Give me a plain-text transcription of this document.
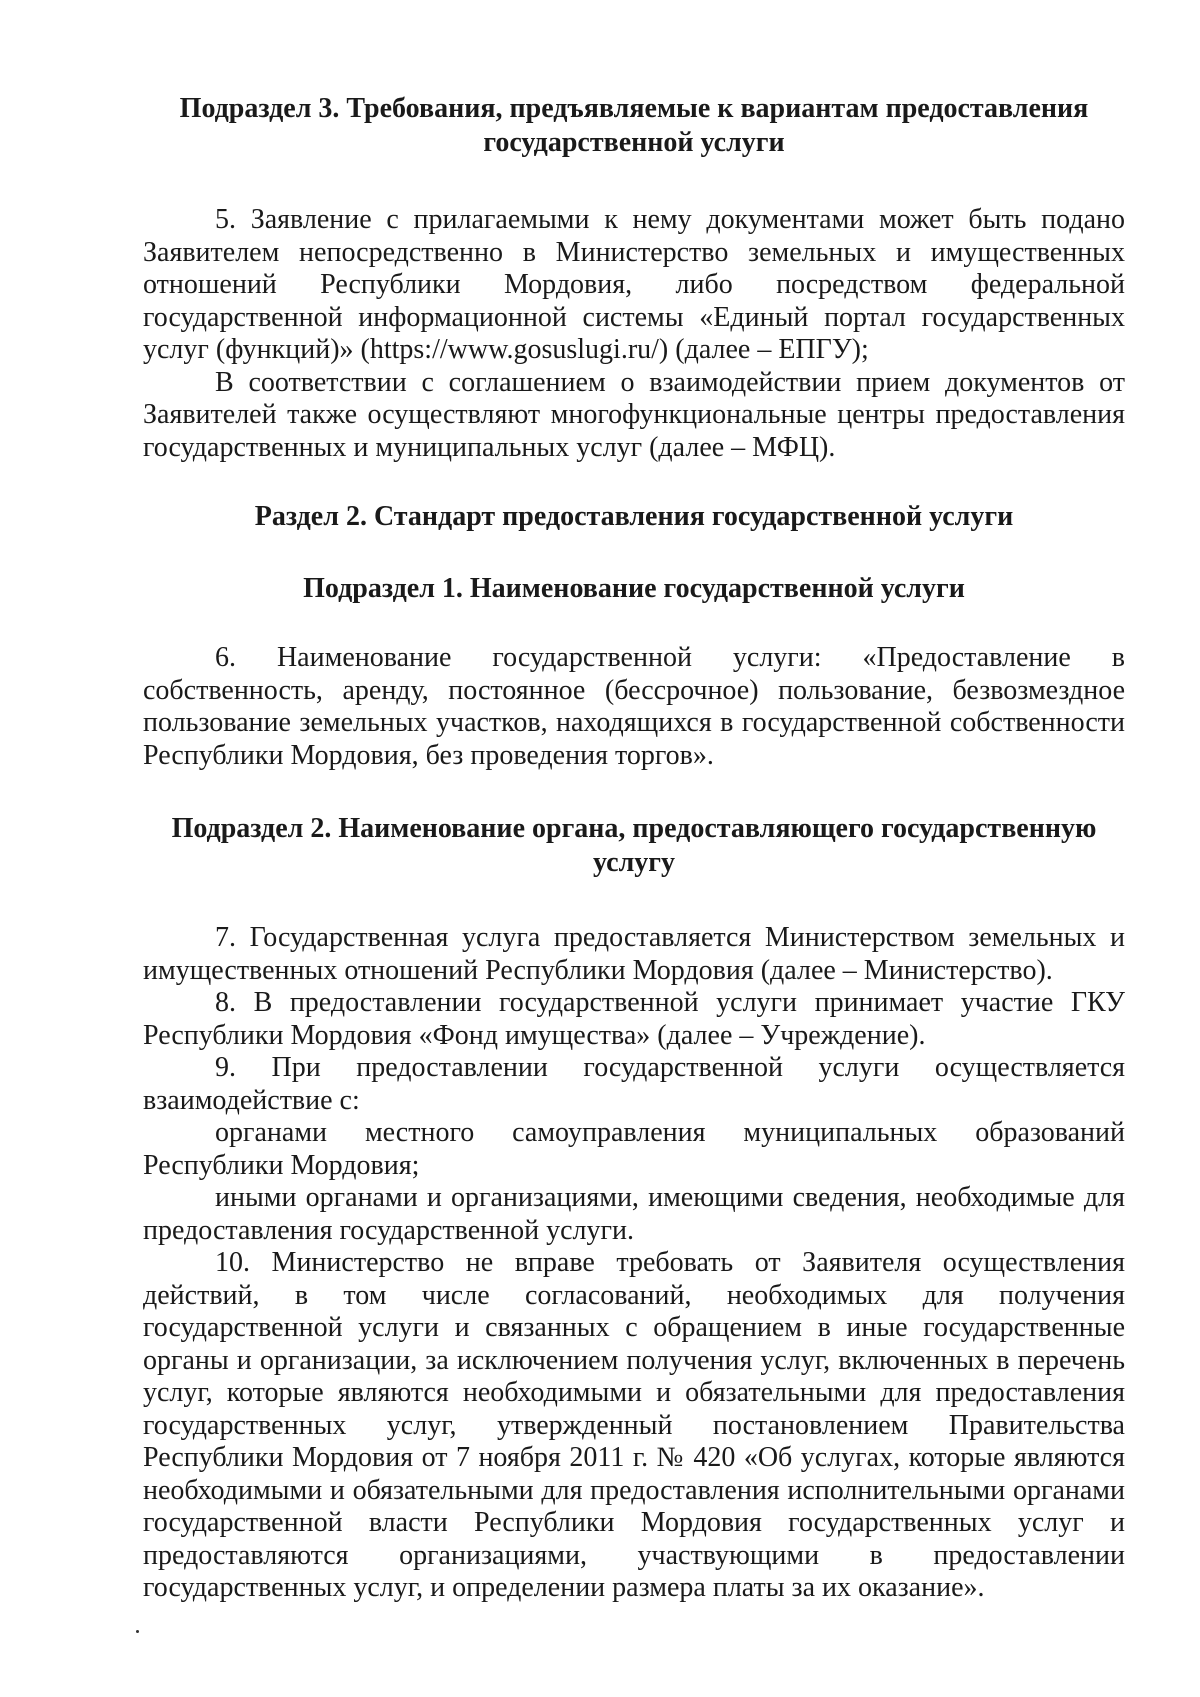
Подраздел 3. Требования, предъявляемые к вариантам предоставления государственной услуги

5. Заявление с прилагаемыми к нему документами может быть подано Заявителем непосредственно в Министерство земельных и имущественных отношений Республики Мордовия, либо посредством федеральной государственной информационной системы «Единый портал государственных услуг (функций)» (https://www.gosuslugi.ru/) (далее – ЕПГУ);

В соответствии с соглашением о взаимодействии прием документов от Заявителей также осуществляют многофункциональные центры предоставления государственных и муниципальных услуг (далее – МФЦ).

Раздел 2. Стандарт предоставления государственной услуги
Подраздел 1. Наименование государственной услуги

6. Наименование государственной услуги: «Предоставление в собственность, аренду, постоянное (бессрочное) пользование, безвозмездное пользование земельных участков, находящихся в государственной собственности Республики Мордовия, без проведения торгов».

Подраздел 2. Наименование органа, предоставляющего государственную услугу

7. Государственная услуга предоставляется Министерством земельных и имущественных отношений Республики Мордовия (далее – Министерство).

8. В предоставлении государственной услуги принимает участие ГКУ Республики Мордовия «Фонд имущества» (далее – Учреждение).

9. При предоставлении государственной услуги осуществляется взаимодействие с:

органами местного самоуправления муниципальных образований Республики Мордовия;

иными органами и организациями, имеющими сведения, необходимые для предоставления государственной услуги.

10. Министерство не вправе требовать от Заявителя осуществления действий, в том числе согласований, необходимых для получения государственной услуги и связанных с обращением в иные государственные органы и организации, за исключением получения услуг, включенных в перечень услуг, которые являются необходимыми и обязательными для предоставления государственных услуг, утвержденный постановлением Правительства Республики Мордовия от 7 ноября 2011 г. № 420 «Об услугах, которые являются необходимыми и обязательными для предоставления исполнительными органами государственной власти Республики Мордовия государственных услуг и предоставляются организациями, участвующими в предоставлении государственных услуг, и определении размера платы за их оказание».
